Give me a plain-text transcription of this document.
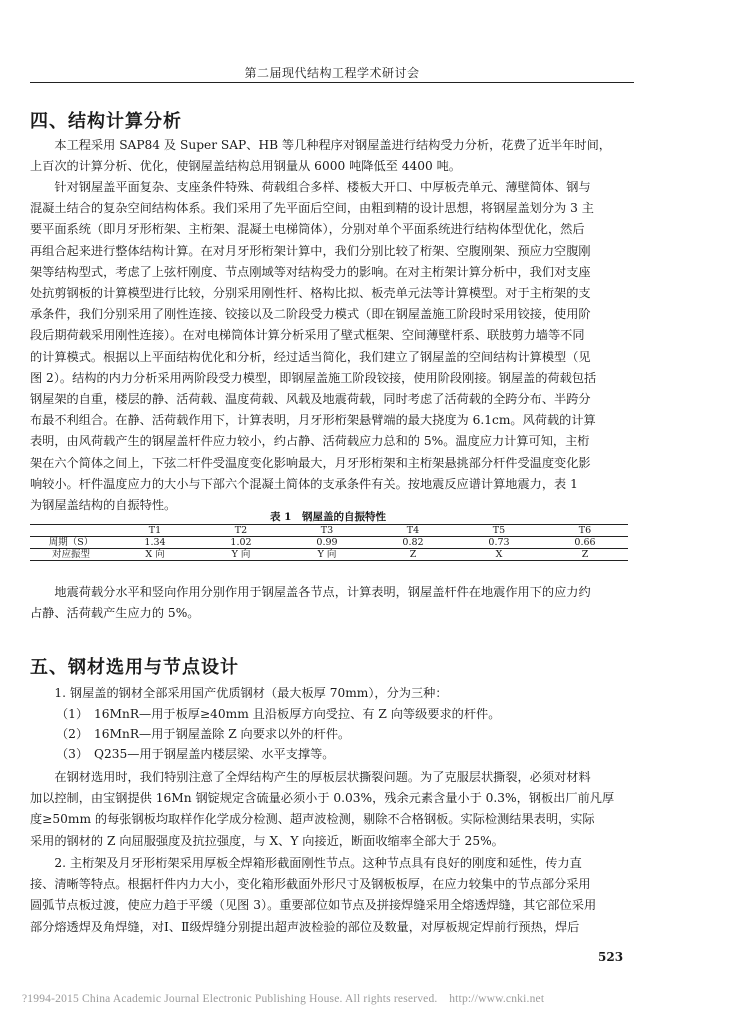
第二届现代结构工程学术研讨会
四、结构计算分析

本工程采用 SAP84 及 Super SAP、HB 等几种程序对钢屋盖进行结构受力分析，花费了近半年时间，
上百次的计算分析、优化，使钢屋盖结构总用钢量从 6000 吨降低至 4400 吨。

针对钢屋盖平面复杂、支座条件特殊、荷载组合多样、楼板大开口、中厚板壳单元、薄壁简体、钢与
混凝土结合的复杂空间结构体系。我们采用了先平面后空间，由粗到精的设计思想，将钢屋盖划分为 3 主
要平面系统（即月牙形桁架、主桁架、混凝土电梯筒体），分别对单个平面系统进行结构体型优化，然后
再组合起来进行整体结构计算。在对月牙形桁架计算中，我们分别比较了桁架、空腹刚架、预应力空腹刚
架等结构型式，考虑了上弦杆刚度、节点刚域等对结构受力的影响。在对主桁架计算分析中，我们对支座
处抗剪钢板的计算模型进行比较，分别采用刚性杆、格构比拟、板壳单元法等计算模型。对于主桁架的支
承条件，我们分别采用了刚性连接、铰接以及二阶段受力模式（即在钢屋盖施工阶段时采用铰接，使用阶
段后期荷载采用刚性连接）。在对电梯筒体计算分析采用了壁式框架、空间薄壁杆系、联肢剪力墙等不同
的计算模式。根据以上平面结构优化和分析，经过适当简化，我们建立了钢屋盖的空间结构计算模型（见
图 2）。结构的内力分析采用两阶段受力模型，即钢屋盖施工阶段铰接，使用阶段刚接。钢屋盖的荷载包括
钢屋架的自重，楼层的静、活荷载、温度荷载、风载及地震荷载，同时考虑了活荷载的全跨分布、半跨分
布最不利组合。在静、活荷载作用下，计算表明，月牙形桁架悬臂端的最大挠度为 6.1cm。风荷载的计算
表明，由风荷载产生的钢屋盖杆件应力较小，约占静、活荷载应力总和的 5%。温度应力计算可知，主桁
架在六个简体之间上，下弦二杆件受温度变化影响最大，月牙形桁架和主桁架悬挑部分杆件受温度变化影
响较小。杆件温度应力的大小与下部六个混凝土简体的支承条件有关。按地震反应谱计算地震力，表 1
为钢屋盖结构的自振特性。

表 1　钢屋盖的自振特性
	T1	T2	T3	T4	T5	T6
周期（S）	1.34	1.02	0.99	0.82	0.73	0.66
对应振型	X 向	Y 向	Y 向	Z	X	Z

地震荷载分水平和竖向作用分别作用于钢屋盖各节点，计算表明，钢屋盖杆件在地震作用下的应力约
占静、活荷载产生应力的 5%。

五、钢材选用与节点设计

1. 钢屋盖的钢材全部采用国产优质钢材（最大板厚 70mm），分为三种：

（1） 16MnR—用于板厚≥40mm 且沿板厚方向受拉、有 Z 向等级要求的杆件。
（2） 16MnR—用于钢屋盖除 Z 向要求以外的杆件。
（3） Q235—用于钢屋盖内楼层梁、水平支撑等。

在钢材选用时，我们特别注意了全焊结构产生的厚板层状撕裂问题。为了克服层状撕裂，必须对材料
加以控制，由宝钢提供 16Mn 钢锭规定含硫量必须小于 0.03%，残余元素含量小于 0.3%，钢板出厂前凡厚
度≥50mm 的每张钢板均取样作化学成分检测、超声波检测，剔除不合格钢板。实际检测结果表明，实际
采用的钢材的 Z 向屈服强度及抗拉强度，与 X、Y 向接近，断面收缩率全部大于 25%。

2. 主桁架及月牙形桁架采用厚板全焊箱形截面刚性节点。这种节点具有良好的刚度和延性，传力直
接、清晰等特点。根据杆件内力大小，变化箱形截面外形尺寸及钢板板厚，在应力较集中的节点部分采用
圆弧节点板过渡，使应力趋于平缓（见图 3）。重要部位如节点及拼接焊缝采用全熔透焊缝，其它部位采用
部分熔透焊及角焊缝，对Ⅰ、Ⅱ级焊缝分别提出超声波检验的部位及数量，对厚板规定焊前行预热，焊后

523
?1994-2015 China Academic Journal Electronic Publishing House. All rights reserved.　http://www.cnki.net
